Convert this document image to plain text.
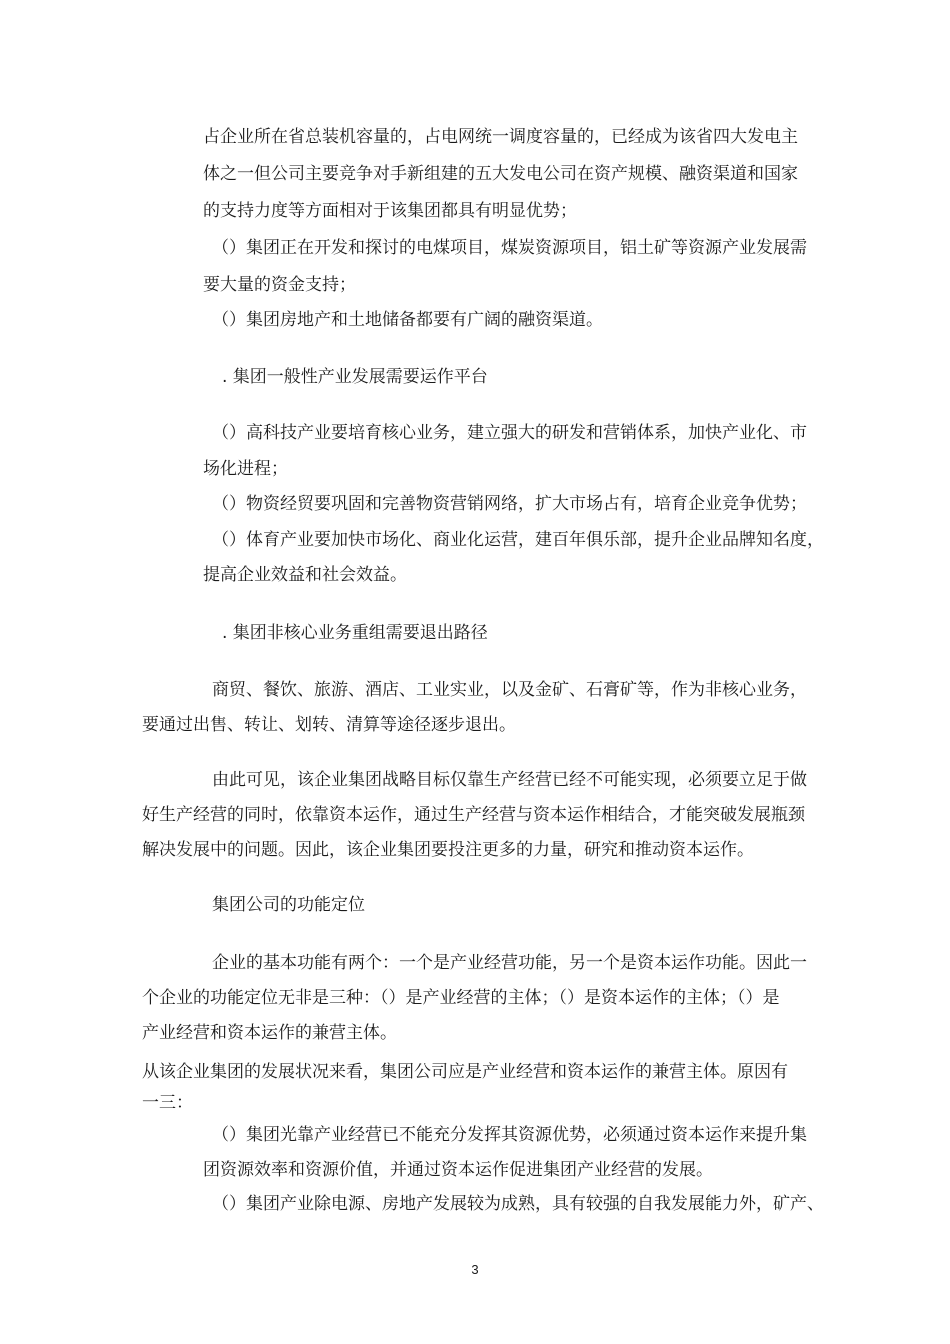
占企业所在省总装机容量的，占电网统一调度容量的，已经成为该省四大发电主
体之一但公司主要竞争对手新组建的五大发电公司在资产规模、融资渠道和国家
的支持力度等方面相对于该集团都具有明显优势；
（）集团正在开发和探讨的电煤项目，煤炭资源项目，铝土矿等资源产业发展需
要大量的资金支持；
（）集团房地产和土地储备都要有广阔的融资渠道。
. 集团一般性产业发展需要运作平台
（）高科技产业要培育核心业务，建立强大的研发和营销体系，加快产业化、市
场化进程；
（）物资经贸要巩固和完善物资营销网络，扩大市场占有，培育企业竞争优势；
（）体育产业要加快市场化、商业化运营，建百年俱乐部，提升企业品牌知名度，
提高企业效益和社会效益。
. 集团非核心业务重组需要退出路径
商贸、餐饮、旅游、酒店、工业实业，以及金矿、石膏矿等，作为非核心业务，
要通过出售、转让、划转、清算等途径逐步退出。
由此可见，该企业集团战略目标仅靠生产经营已经不可能实现，必须要立足于做
好生产经营的同时，依靠资本运作，通过生产经营与资本运作相结合，才能突破发展瓶颈
解决发展中的问题。因此，该企业集团要投注更多的力量，研究和推动资本运作。
集团公司的功能定位
企业的基本功能有两个：一个是产业经营功能，另一个是资本运作功能。因此一
个企业的功能定位无非是三种：（）是产业经营的主体；（）是资本运作的主体；（）是
产业经营和资本运作的兼营主体。
从该企业集团的发展状况来看，集团公司应是产业经营和资本运作的兼营主体。原因有
一三：
（）集团光靠产业经营已不能充分发挥其资源优势，必须通过资本运作来提升集
团资源效率和资源价值，并通过资本运作促进集团产业经营的发展。
（）集团产业除电源、房地产发展较为成熟，具有较强的自我发展能力外，矿产、
3
